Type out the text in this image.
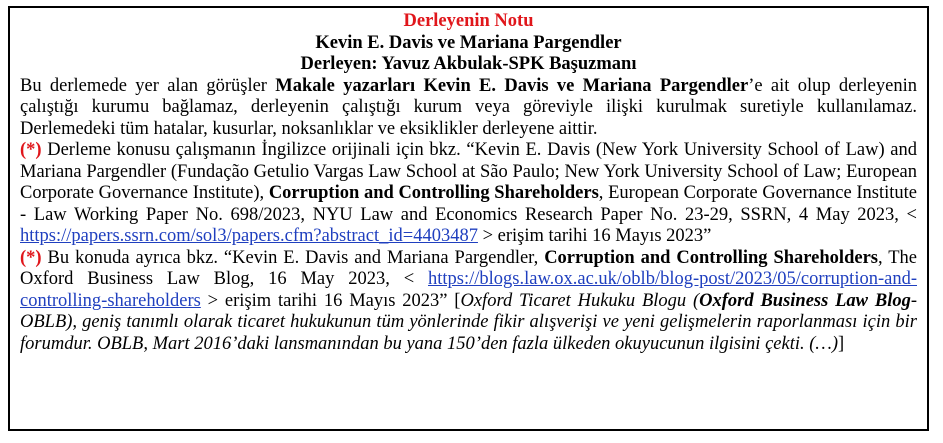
Derleyenin Notu
Kevin E. Davis ve Mariana Pargendler
Derleyen: Yavuz Akbulak-SPK Başuzmanı
Bu derlemede yer alan görüşler Makale yazarları Kevin E. Davis ve Mariana Pargendler’e ait olup derleyenin çalıştığı kurumu bağlamaz, derleyenin çalıştığı kurum veya göreviyle ilişki kurulmak suretiyle kullanılamaz. Derlemedeki tüm hatalar, kusurlar, noksanlıklar ve eksiklikler derleyene aittir.
(*) Derleme konusu çalışmanın İngilizce orijinali için bkz. “Kevin E. Davis (New York University School of Law) and Mariana Pargendler (Fundação Getulio Vargas Law School at São Paulo; New York University School of Law; European Corporate Governance Institute), Corruption and Controlling Shareholders, European Corporate Governance Institute - Law Working Paper No. 698/2023, NYU Law and Economics Research Paper No. 23-29, SSRN, 4 May 2023, < https://papers.ssrn.com/sol3/papers.cfm?abstract_id=4403487 > erişim tarihi 16 Mayıs 2023”
(*) Bu konuda ayrıca bkz. “Kevin E. Davis and Mariana Pargendler, Corruption and Controlling Shareholders, The Oxford Business Law Blog, 16 May 2023, < https://blogs.law.ox.ac.uk/oblb/blog-post/2023/05/corruption-and-controlling-shareholders > erişim tarihi 16 Mayıs 2023” [Oxford Ticaret Hukuku Blogu (Oxford Business Law Blog-OBLB), geniş tanımlı olarak ticaret hukukunun tüm yönlerinde fikir alışverişi ve yeni gelişmelerin raporlanması için bir forumdur. OBLB, Mart 2016’daki lansmanından bu yana 150’den fazla ülkeden okuyucunun ilgisini çekti. (…)]
